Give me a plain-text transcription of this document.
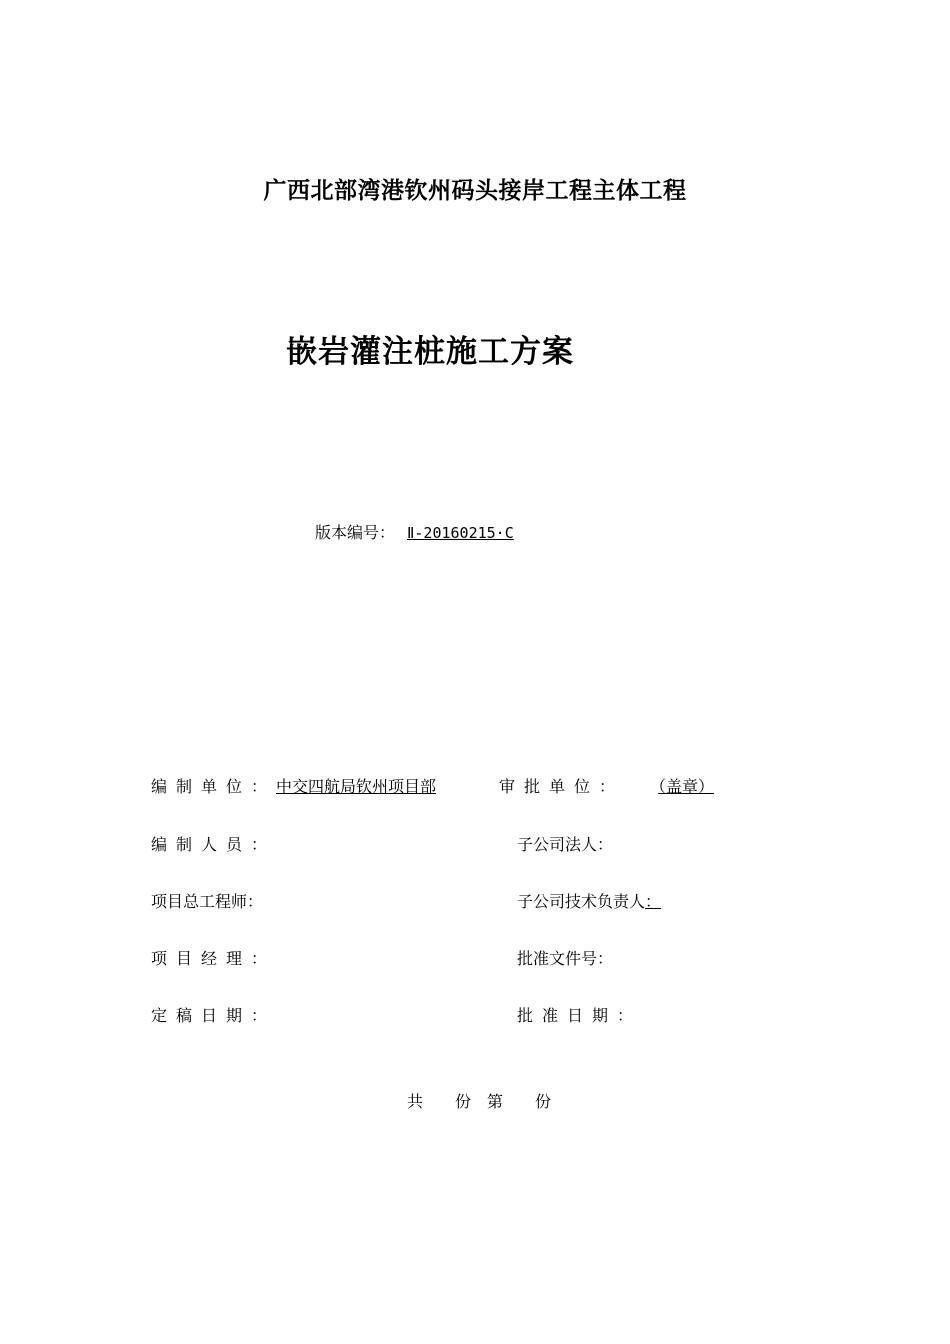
广西北部湾港钦州码头接岸工程主体工程
嵌岩灌注桩施工方案
版本编号： Ⅱ-20160215·C
编制单位：中交四航局钦州项目部	审批单位： （盖章）
编制人员：	子公司法人：
项目总工程师：	子公司技术负责人：
项目经理：	批准文件号：
定稿日期：	批准日期：
共 份 第 份
